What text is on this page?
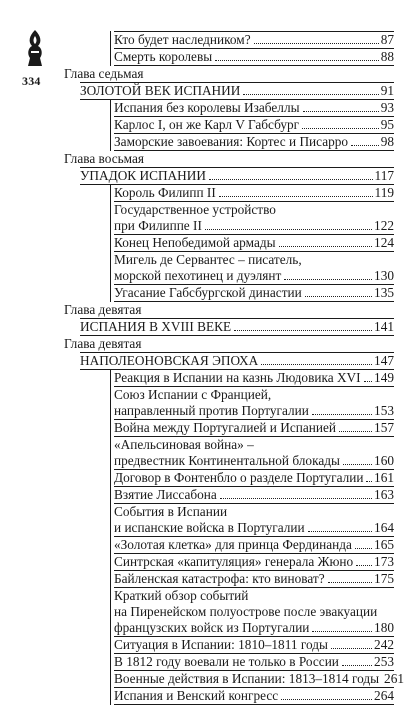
334
Кто будет наследником?	87
Смерть королевы	88
Глава седьмая
ЗОЛОТОЙ ВЕК ИСПАНИИ	91
Испания без королевы Изабеллы	93
Карлос I, он же Карл V Габсбург	95
Заморские завоевания: Кортес и Писарро 98
Глава восьмая
УПАДОК ИСПАНИИ	117
Король Филипп II	119
Государственное устройство
при Филиппе II	122
Конец Непобедимой армады	124
Мигель де Сервантес – писатель,
морской пехотинец и дуэлянт	130
Угасание Габсбургской династии	135
Глава девятая
ИСПАНИЯ В XVIII ВЕКЕ	141
Глава девятая
НАПОЛЕОНОВСКАЯ ЭПОХА	147
Реакция в Испании на казнь Людовика XVI 149
Союз Испании с Францией,
направленный против Португалии	153
Война между Португалией и Испанией	157
«Апельсиновая война» –
предвестник Континентальной блокады	160
Договор в Фонтенбло о разделе Португалии 161
Взятие Лиссабона	163
События в Испании
и испанские войска в Португалии	164
«Золотая клетка» для принца Фердинанда 165
Синтрская «капитуляция» генерала Жюно 173
Байленская катастрофа: кто виноват?	175
Краткий обзор событий
на Пиренейском полуострове после эвакуации
французских войск из Португалии	180
Ситуация в Испании: 1810–1811 годы	242
В 1812 году воевали не только в России	253
Военные действия в Испании: 1813–1814 годы 261
Испания и Венский конгресс	264
